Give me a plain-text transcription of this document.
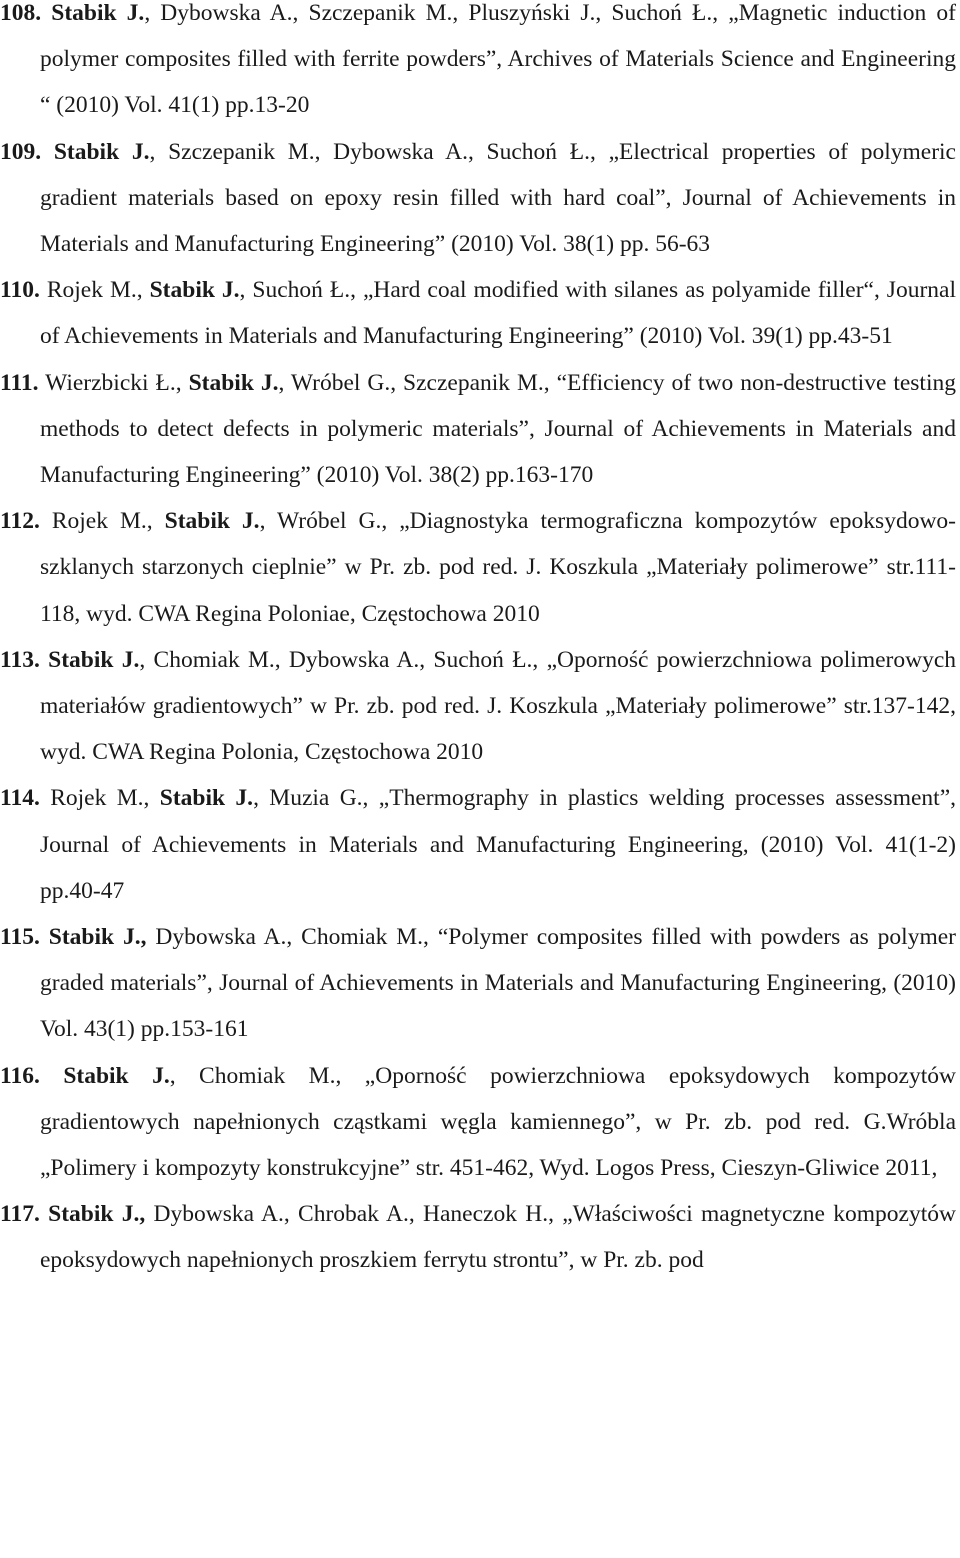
108. Stabik J., Dybowska A., Szczepanik M., Pluszyński J., Suchoń Ł., „Magnetic induction of polymer composites filled with ferrite powders”, Archives of Materials Science and Engineering “ (2010) Vol. 41(1) pp.13-20

109. Stabik J., Szczepanik M., Dybowska A., Suchoń Ł., „Electrical properties of polymeric gradient materials based on epoxy resin filled with hard coal”, Journal of Achievements in Materials and Manufacturing Engineering” (2010) Vol. 38(1) pp. 56-63

110. Rojek M., Stabik J., Suchoń Ł., „Hard coal modified with silanes as polyamide filler“, Journal of Achievements in Materials and Manufacturing Engineering” (2010) Vol. 39(1) pp.43-51

111. Wierzbicki Ł., Stabik J., Wróbel G., Szczepanik M., “Efficiency of two non-destructive testing methods to detect defects in polymeric materials”, Journal of Achievements in Materials and Manufacturing Engineering” (2010) Vol. 38(2) pp.163-170

112. Rojek M., Stabik J., Wróbel G., „Diagnostyka termograficzna kompozytów epoksydowo-szklanych starzonych cieplnie” w Pr. zb. pod red. J. Koszkula „Materiały polimerowe” str.111-118, wyd. CWA Regina Poloniae, Częstochowa 2010

113. Stabik J., Chomiak M., Dybowska A., Suchoń Ł., „Oporność powierzchniowa polimerowych materiałów gradientowych” w Pr. zb. pod red. J. Koszkula „Materiały polimerowe” str.137-142, wyd. CWA Regina Polonia, Częstochowa 2010

114. Rojek M., Stabik J., Muzia G., „Thermography in plastics welding processes assessment”, Journal of Achievements in Materials and Manufacturing Engineering, (2010) Vol. 41(1-2) pp.40-47

115. Stabik J., Dybowska A., Chomiak M., “Polymer composites filled with powders as polymer graded materials”, Journal of Achievements in Materials and Manufacturing Engineering, (2010) Vol. 43(1) pp.153-161

116. Stabik J., Chomiak M., „Oporność powierzchniowa epoksydowych kompozytów gradientowych napełnionych cząstkami węgla kamiennego”, w Pr. zb. pod red. G.Wróbla „Polimery i kompozyty konstrukcyjne” str. 451-462, Wyd. Logos Press, Cieszyn-Gliwice 2011,

117. Stabik J., Dybowska A., Chrobak A., Haneczok H., „Właściwości magnetyczne kompozytów epoksydowych napełnionych proszkiem ferrytu strontu”, w Pr. zb. pod
